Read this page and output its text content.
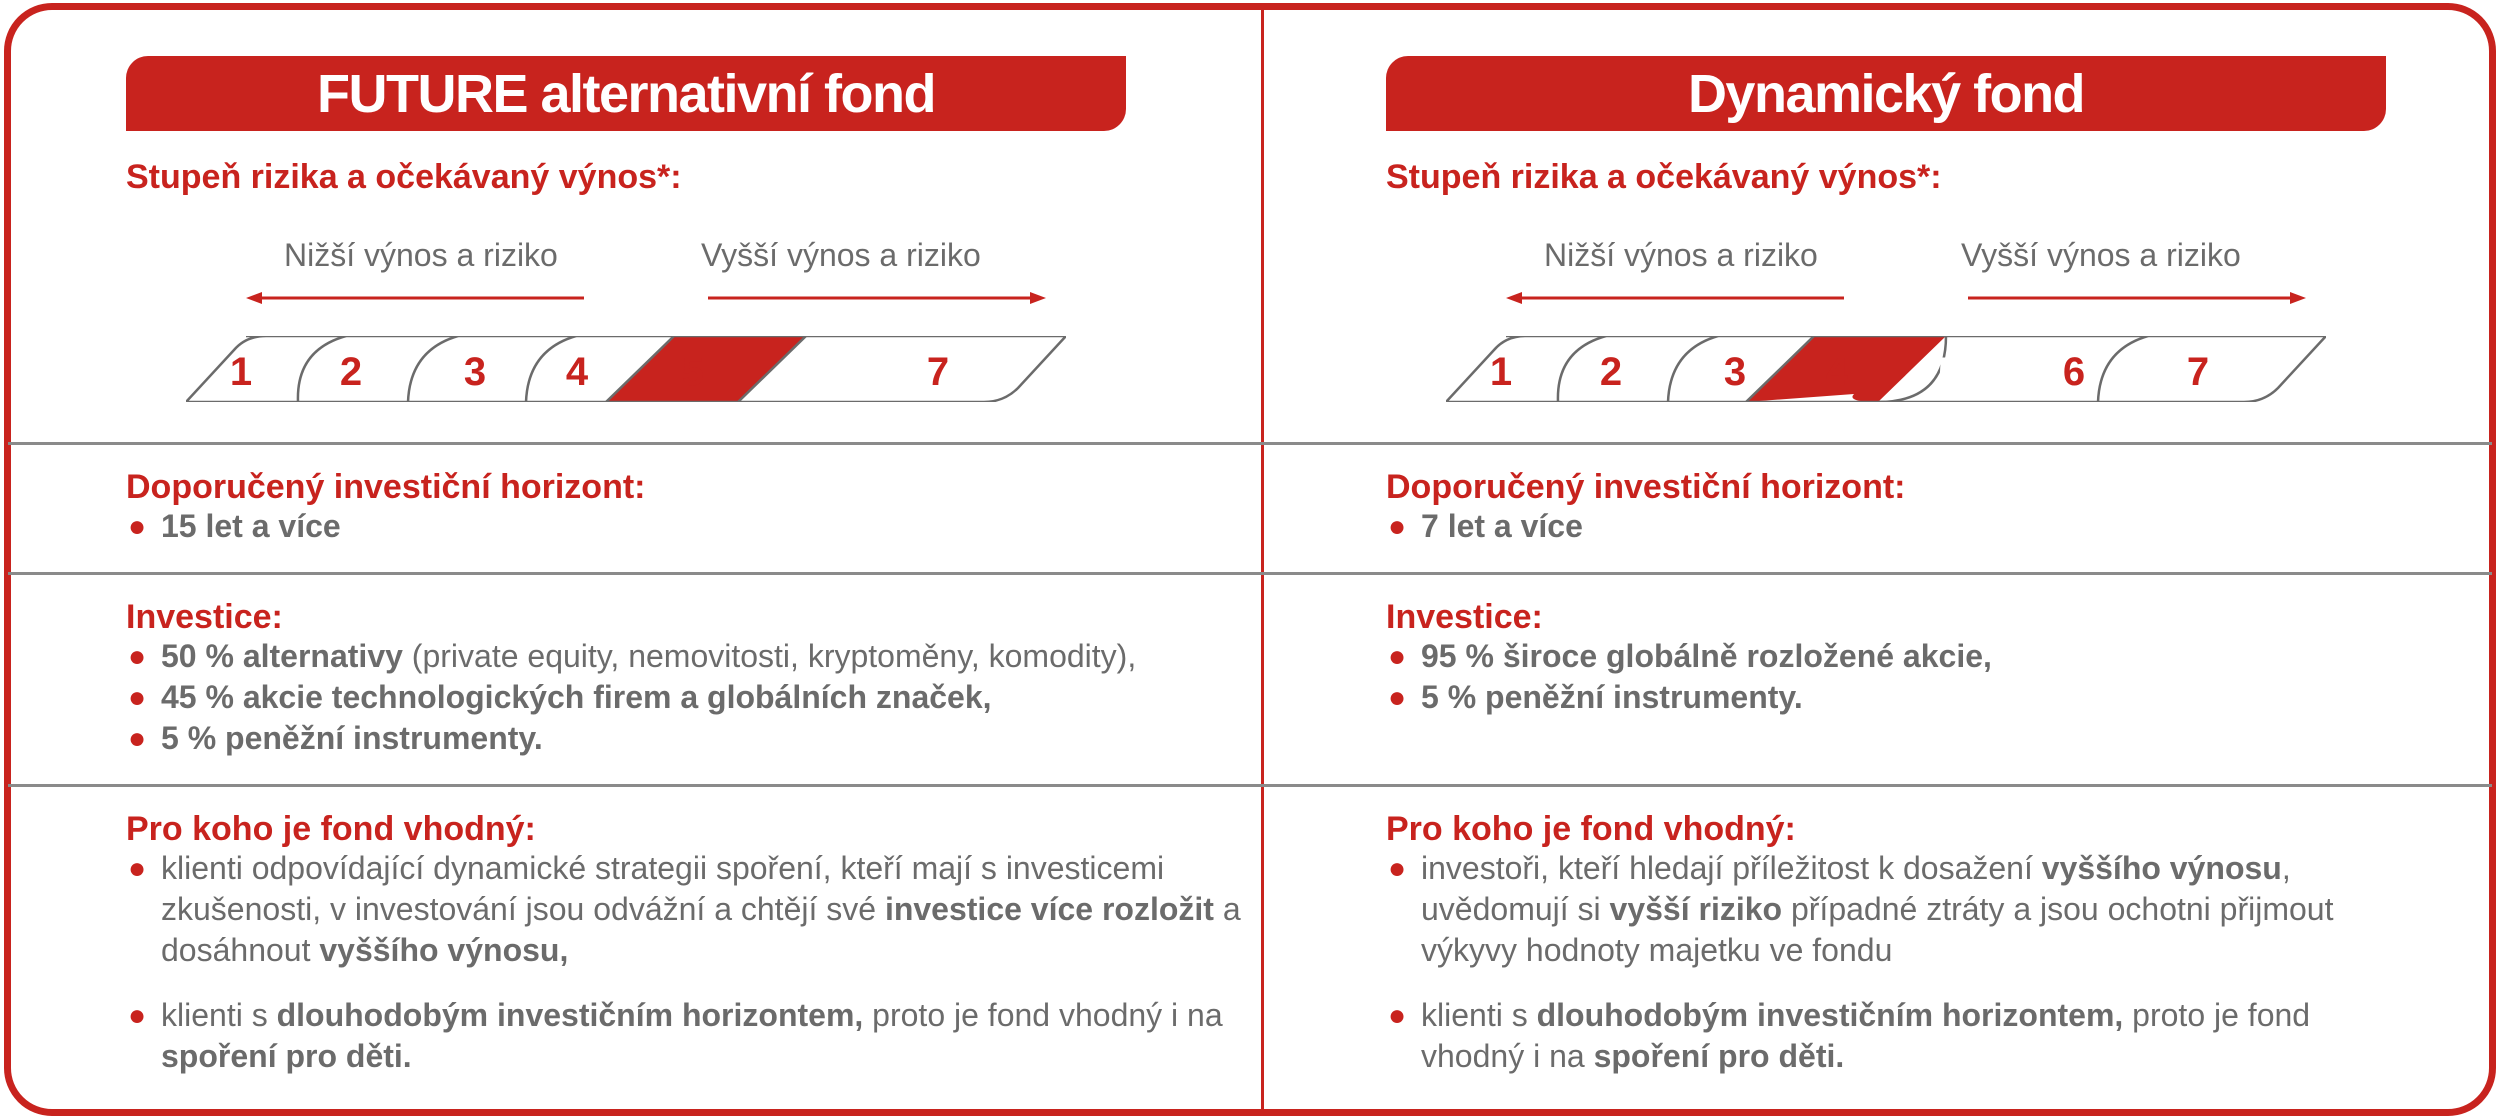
FUTURE alternativní fond
Stupeň rizika a očekávaný výnos*:
Nižší výnos a riziko	Vyšší výnos a riziko
1	2	3	4	5	6	7
Doporučený investiční horizont:
● 15 let a více
Investice:
● 50 % alternativy (private equity, nemovitosti, kryptoměny, komodity),
● 45 % akcie technologických firem a globálních značek,
● 5 % peněžní instrumenty.
Pro koho je fond vhodný:
● klienti odpovídající dynamické strategii spoření, kteří mají s investicemi zkušenosti, v investování jsou odvážní a chtějí své investice více rozložit a dosáhnout vyššího výnosu,
● klienti s dlouhodobým investičním horizontem, proto je fond vhodný i na spoření pro děti.
Dynamický fond
Stupeň rizika a očekávaný výnos*:
Nižší výnos a riziko	Vyšší výnos a riziko
1	2	3	4	5	6	7
Doporučený investiční horizont:
● 7 let a více
Investice:
● 95 % široce globálně rozložené akcie,
● 5 % peněžní instrumenty.
Pro koho je fond vhodný:
● investoři, kteří hledají příležitost k dosažení vyššího výnosu, uvědomují si vyšší riziko případné ztráty a jsou ochotni přijmout výkyvy hodnoty majetku ve fondu
● klienti s dlouhodobým investičním horizontem, proto je fond vhodný i na spoření pro děti.
